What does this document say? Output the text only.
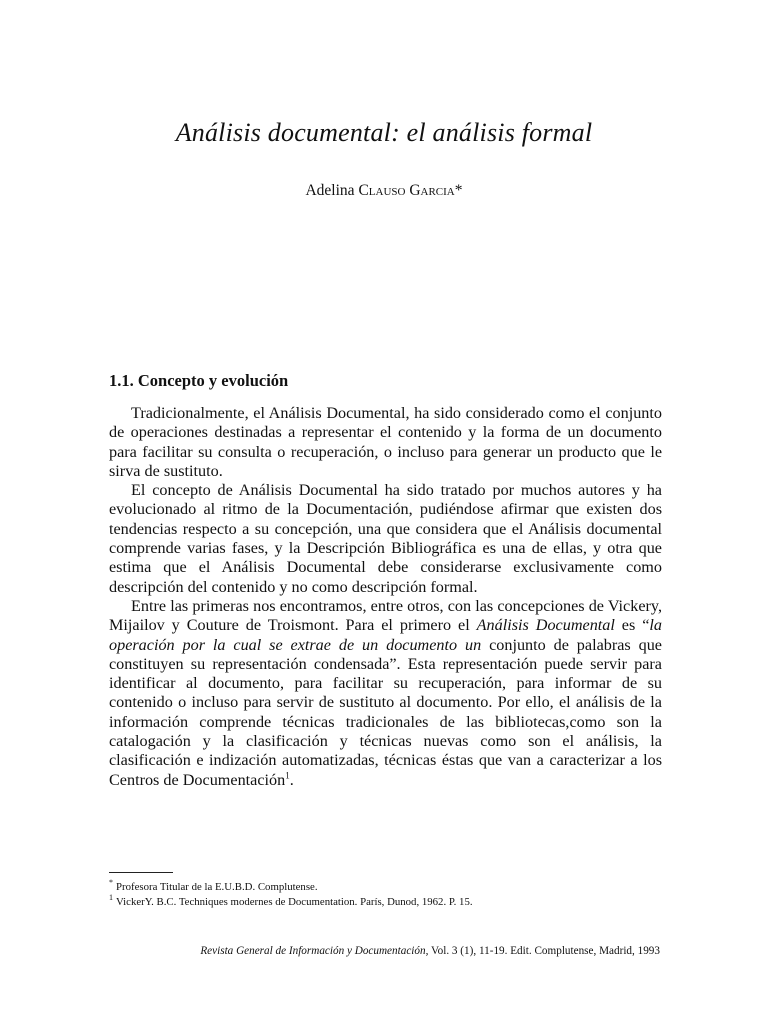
Análisis documental: el análisis formal
Adelina Clauso Garcia*
1.1. Concepto y evolución

Tradicionalmente, el Análisis Documental, ha sido considerado como el conjunto de operaciones destinadas a representar el contenido y la forma de un documento para facilitar su consulta o recuperación, o incluso para generar un producto que le sirva de sustituto.

El concepto de Análisis Documental ha sido tratado por muchos autores y ha evolucionado al ritmo de la Documentación, pudiéndose afirmar que existen dos tendencias respecto a su concepción, una que considera que el Análisis documental comprende varias fases, y la Descripción Bibliográfica es una de ellas, y otra que estima que el Análisis Documental debe considerarse exclusivamente como descripción del contenido y no como descripción formal.

Entre las primeras nos encontramos, entre otros, con las concepciones de Vickery, Mijailov y Couture de Troismont. Para el primero el Análisis Documental es “la operación por la cual se extrae de un documento un conjunto de palabras que constituyen su representación condensada”. Esta representación puede servir para identificar al documento, para facilitar su recuperación, para informar de su contenido o incluso para servir de sustituto al documento. Por ello, el análisis de la información comprende técnicas tradicionales de las bibliotecas,como son la catalogación y la clasificación y técnicas nuevas como son el análisis, la clasificación e indización automatizadas, técnicas éstas que van a caracterizar a los Centros de Documentación$^1$.

* Profesora Titular de la E.U.B.D. Complutense.

$^1$ VickerY. B.C. Techniques modernes de Documentation. París, Dunod, 1962. P. 15.

Revista General de Información y Documentación, Vol. 3 (1), 11-19. Edit. Complutense, Madrid, 1993
